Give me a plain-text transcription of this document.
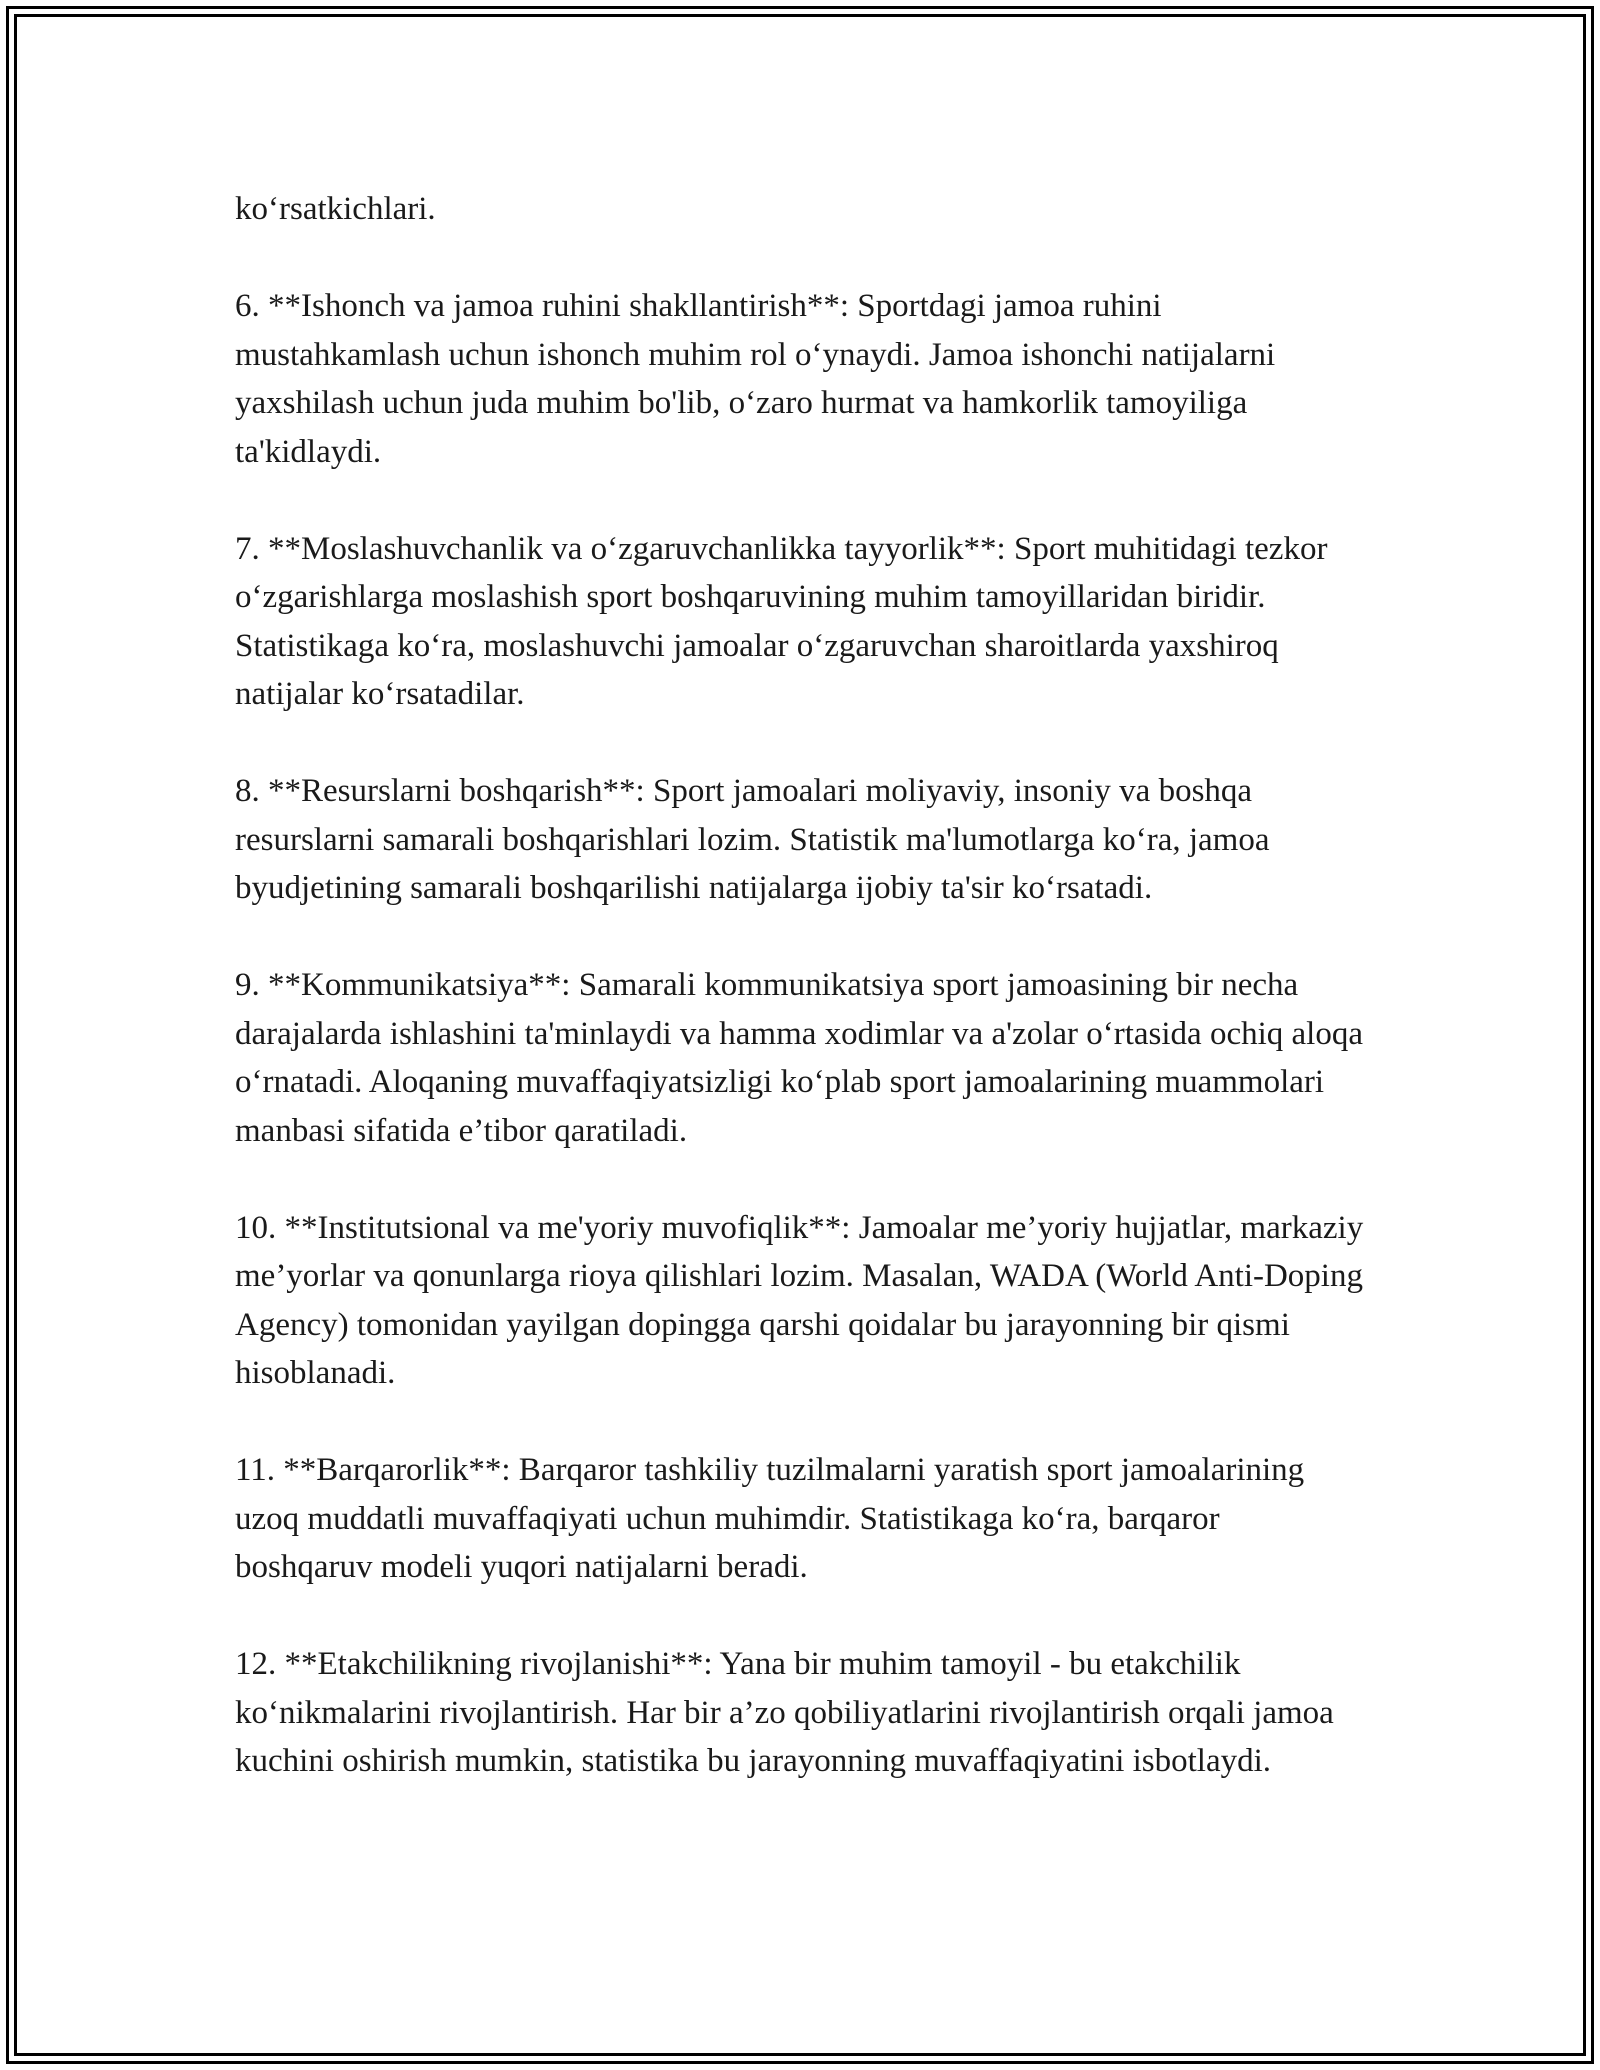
ko‘rsatkichlari.

6. **Ishonch va jamoa ruhini shakllantirish**: Sportdagi jamoa ruhini mustahkamlash uchun ishonch muhim rol o‘ynaydi. Jamoa ishonchi natijalarni yaxshilash uchun juda muhim bo'lib, o‘zaro hurmat va hamkorlik tamoyiliga ta'kidlaydi.

7. **Moslashuvchanlik va o‘zgaruvchanlikka tayyorlik**: Sport muhitidagi tezkor o‘zgarishlarga moslashish sport boshqaruvining muhim tamoyillaridan biridir. Statistikaga ko‘ra, moslashuvchi jamoalar o‘zgaruvchan sharoitlarda yaxshiroq natijalar ko‘rsatadilar.

8. **Resurslarni boshqarish**: Sport jamoalari moliyaviy, insoniy va boshqa resurslarni samarali boshqarishlari lozim. Statistik ma'lumotlarga ko‘ra, jamoa byudjetining samarali boshqarilishi natijalarga ijobiy ta'sir ko‘rsatadi.

9. **Kommunikatsiya**: Samarali kommunikatsiya sport jamoasining bir necha darajalarda ishlashini ta'minlaydi va hamma xodimlar va a'zolar o‘rtasida ochiq aloqa o‘rnatadi. Aloqaning muvaffaqiyatsizligi ko‘plab sport jamoalarining muammolari manbasi sifatida e’tibor qaratiladi.

10. **Institutsional va me'yoriy muvofiqlik**: Jamoalar me’yoriy hujjatlar, markaziy me’yorlar va qonunlarga rioya qilishlari lozim. Masalan, WADA (World Anti-Doping Agency) tomonidan yayilgan dopingga qarshi qoidalar bu jarayonning bir qismi hisoblanadi.

11. **Barqarorlik**: Barqaror tashkiliy tuzilmalarni yaratish sport jamoalarining uzoq muddatli muvaffaqiyati uchun muhimdir. Statistikaga ko‘ra, barqaror boshqaruv modeli yuqori natijalarni beradi.

12. **Etakchilikning rivojlanishi**: Yana bir muhim tamoyil - bu etakchilik ko‘nikmalarini rivojlantirish. Har bir a’zo qobiliyatlarini rivojlantirish orqali jamoa kuchini oshirish mumkin, statistika bu jarayonning muvaffaqiyatini isbotlaydi.
